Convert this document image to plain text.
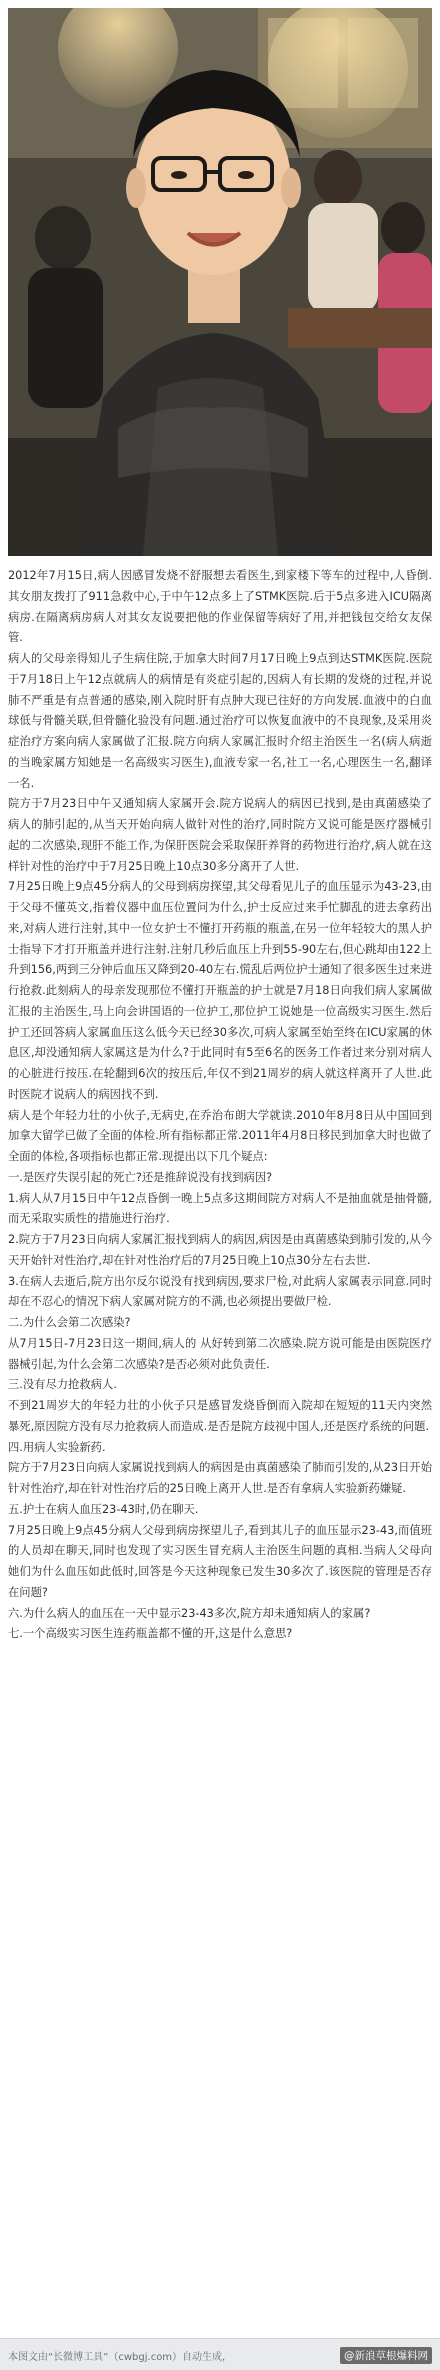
2012年7月15日,病人因感冒发烧不舒服想去看医生,到家楼下等车的过程中,人昏倒.其女朋友拨打了911急救中心,于中午12点多上了STMK医院.后于5点多进入ICU隔离病房.在隔离病房病人对其女友说要把他的作业保留等病好了用,并把钱包交给女友保管.

病人的父母亲得知儿子生病住院,于加拿大时间7月17日晚上9点到达STMK医院.医院于7月18日上午12点就病人的病情是有炎症引起的,因病人有长期的发烧的过程,并说肺不严重是有点普通的感染,刚入院时肝有点肿大现已往好的方向发展.血液中的白血球低与骨髓关联,但骨髓化验没有问题.通过治疗可以恢复血液中的不良现象,及采用炎症治疗方案向病人家属做了汇报.院方向病人家属汇报时介绍主治医生一名(病人病逝的当晚家属方知她是一名高级实习医生),血液专家一名,社工一名,心理医生一名,翻译一名.

院方于7月23日中午又通知病人家属开会.院方说病人的病因已找到,是由真菌感染了病人的肺引起的,从当天开始向病人做针对性的治疗,同时院方又说可能是医疗器械引起的二次感染,现肝不能工作,为保肝医院会采取保肝养肾的药物进行治疗,病人就在这样针对性的治疗中于7月25日晚上10点30多分离开了人世.

7月25日晚上9点45分病人的父母到病房探望,其父母看见儿子的血压显示为43-23,由于父母不懂英文,指着仪器中血压位置问为什么,护士反应过来手忙脚乱的进去拿药出来,对病人进行注射,其中一位女护士不懂打开药瓶的瓶盖,在另一位年轻较大的黑人护士指导下才打开瓶盖并进行注射.注射几秒后血压上升到55-90左右,但心跳却由122上升到156,两到三分钟后血压又降到20-40左右.慌乱后两位护士通知了很多医生过来进行抢救.此刻病人的母亲发现那位不懂打开瓶盖的护士就是7月18日向我们病人家属做汇报的主治医生,马上向会讲国语的一位护工,那位护工说她是一位高级实习医生.然后护工还回答病人家属血压这么低今天已经30多次,可病人家属至始至终在ICU家属的休息区,却没通知病人家属这是为什么?于此同时有5至6名的医务工作者过来分别对病人的心脏进行按压.在轮翻到6次的按压后,年仅不到21周岁的病人就这样离开了人世.此时医院才说病人的病因找不到.

病人是个年轻力壮的小伙子,无病史,在乔治布朗大学就读.2010年8月8日从中国回到加拿大留学已做了全面的体检.所有指标都正常.2011年4月8日移民到加拿大时也做了全面的体检,各项指标也都正常.现提出以下几个疑点:

一.是医疗失误引起的死亡?还是推辞说没有找到病因?

1.病人从7月15日中午12点昏倒一晚上5点多这期间院方对病人不是抽血就是抽骨髓,而无采取实质性的措施进行治疗.

2.院方于7月23日向病人家属汇报找到病人的病因,病因是由真菌感染到肺引发的,从今天开始针对性治疗,却在针对性治疗后的7月25日晚上10点30分左右去世.

3.在病人去逝后,院方出尔反尔说没有找到病因,要求尸检,对此病人家属表示同意.同时却在不忍心的情况下病人家属对院方的不满,也必须提出要做尸检.

二.为什么会第二次感染?

从7月15日-7月23日这一期间,病人的 从好转到第二次感染.院方说可能是由医院医疗器械引起,为什么会第二次感染?是否必须对此负责任.

三.没有尽力抢救病人.

不到21周岁大的年轻力壮的小伙子只是感冒发烧昏倒而入院却在短短的11天内突然暴死,原因院方没有尽力抢救病人而造成.是否是院方歧视中国人,还是医疗系统的问题.

四.用病人实验新药.

院方于7月23日向病人家属说找到病人的病因是由真菌感染了肺而引发的,从23日开始针对性治疗,却在针对性治疗后的25日晚上离开人世.是否有拿病人实验新药嫌疑.

五.护士在病人血压23-43时,仍在聊天.

7月25日晚上9点45分病人父母到病房探望儿子,看到其儿子的血压显示23-43,而值班的人员却在聊天,同时也发现了实习医生冒充病人主治医生问题的真相.当病人父母向她们为什么血压如此低时,回答是今天这种现象已发生30多次了.该医院的管理是否存在问题?

六.为什么病人的血压在一天中显示23-43多次,院方却未通知病人的家属?

七.一个高级实习医生连药瓶盖都不懂的开,这是什么意思?

本图文由“长微博工具”（cwbgj.com）自动生成，	@新浪草根爆料网
